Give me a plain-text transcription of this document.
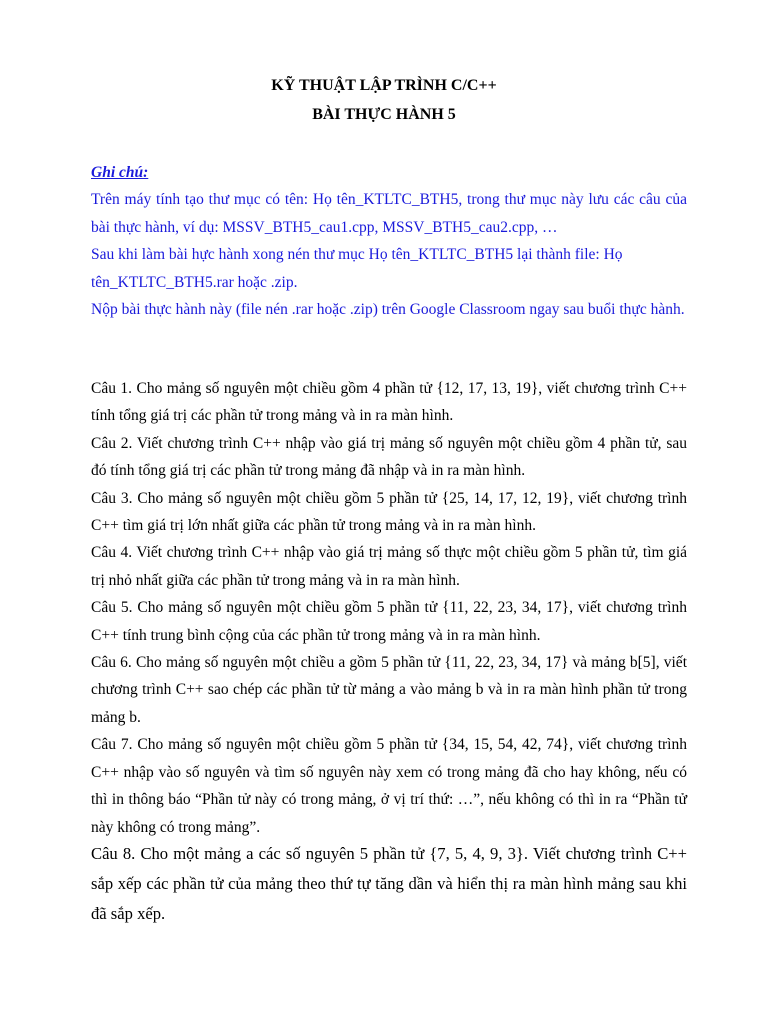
KỸ THUẬT LẬP TRÌNH C/C++
BÀI THỰC HÀNH 5
Ghi chú:

Trên máy tính tạo thư mục có tên: Họ tên_KTLTC_BTH5, trong thư mục này lưu các câu của bài thực hành, ví dụ: MSSV_BTH5_cau1.cpp, MSSV_BTH5_cau2.cpp, …

Sau khi làm bài hực hành xong nén thư mục Họ tên_KTLTC_BTH5 lại thành file: Họ tên_KTLTC_BTH5.rar hoặc .zip.

Nộp bài thực hành này (file nén .rar hoặc .zip) trên Google Classroom ngay sau buổi thực hành.

Câu 1. Cho mảng số nguyên một chiều gồm 4 phần tử {12, 17, 13, 19}, viết chương trình C++ tính tổng giá trị các phần tử trong mảng và in ra màn hình.

Câu 2. Viết chương trình C++ nhập vào giá trị mảng số nguyên một chiều gồm 4 phần tử, sau đó tính tổng giá trị các phần tử trong mảng đã nhập và in ra màn hình.

Câu 3. Cho mảng số nguyên một chiều gồm 5 phần tử {25, 14, 17, 12, 19}, viết chương trình C++ tìm giá trị lớn nhất giữa các phần tử trong mảng và in ra màn hình.

Câu 4. Viết chương trình C++ nhập vào giá trị mảng số thực một chiều gồm 5 phần tử, tìm giá trị nhỏ nhất giữa các phần tử trong mảng và in ra màn hình.

Câu 5. Cho mảng số nguyên một chiều gồm 5 phần tử {11, 22, 23, 34, 17}, viết chương trình C++ tính trung bình cộng của các phần tử trong mảng và in ra màn hình.

Câu 6. Cho mảng số nguyên một chiều a gồm 5 phần tử {11, 22, 23, 34, 17} và mảng b[5], viết chương trình C++ sao chép các phần tử từ mảng a vào mảng b và in ra màn hình phần tử trong mảng b.

Câu 7. Cho mảng số nguyên một chiều gồm 5 phần tử {34, 15, 54, 42, 74}, viết chương trình C++ nhập vào số nguyên và tìm số nguyên này xem có trong mảng đã cho hay không, nếu có thì in thông báo “Phần tử này có trong mảng, ở vị trí thứ: …”, nếu không có thì in ra “Phần tử này không có trong mảng”.

Câu 8. Cho một mảng a các số nguyên 5 phần tử {7, 5, 4, 9, 3}. Viết chương trình C++ sắp xếp các phần tử của mảng theo thứ tự tăng dần và hiển thị ra màn hình mảng sau khi đã sắp xếp.
